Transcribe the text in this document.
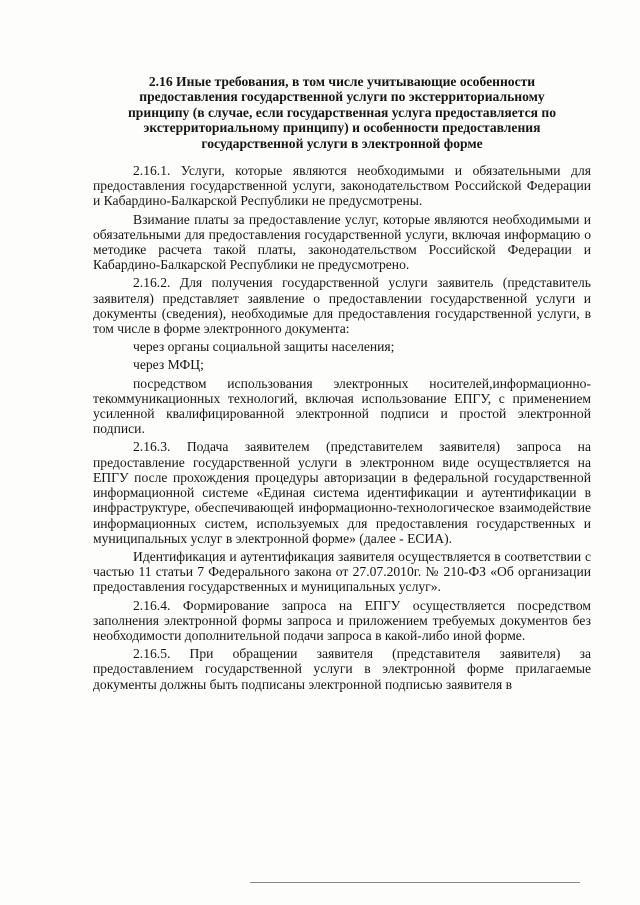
2.16 Иные требования, в том числе учитывающие особенности
предоставления государственной услуги по экстерриториальному
принципу (в случае, если государственная услуга предоставляется по
экстерриториальному принципу) и особенности предоставления
государственной услуги в электронной форме

2.16.1. Услуги, которые являются необходимыми и обязательными для предоставления государственной услуги, законодательством Российской Федерации и Кабардино-Балкарской Республики не предусмотрены.

Взимание платы за предоставление услуг, которые являются необходимыми и обязательными для предоставления государственной услуги, включая информацию о методике расчета такой платы, законодательством Российской Федерации и Кабардино-Балкарской Республики не предусмотрено.

2.16.2. Для получения государственной услуги заявитель (представитель заявителя) представляет заявление о предоставлении государственной услуги и документы (сведения), необходимые для предоставления государственной услуги, в том числе в форме электронного документа:

через органы социальной защиты населения;

через МФЦ;

посредством использования электронных носителей,информационно-текоммуникационных технологий, включая использование ЕПГУ, с применением усиленной квалифицированной электронной подписи и простой электронной подписи.

2.16.3. Подача заявителем (представителем заявителя) запроса на предоставление государственной услуги в электронном виде осуществляется на ЕПГУ после прохождения процедуры авторизации в федеральной государственной информационной системе «Единая система идентификации и аутентификации в инфраструктуре, обеспечивающей информационно-технологическое взаимодействие информационных систем, используемых для предоставления государственных и муниципальных услуг в электронной форме» (далее - ЕСИА).

Идентификация и аутентификация заявителя осуществляется в соответствии с частью 11 статьи 7 Федерального закона от 27.07.2010г. № 210-ФЗ «Об организации предоставления государственных и муниципальных услуг».

2.16.4. Формирование запроса на ЕПГУ осуществляется посредством заполнения электронной формы запроса и приложением требуемых документов без необходимости дополнительной подачи запроса в какой-либо иной форме.

2.16.5. При обращении заявителя (представителя заявителя) за предоставлением государственной услуги в электронной форме прилагаемые документы должны быть подписаны электронной подписью заявителя в
